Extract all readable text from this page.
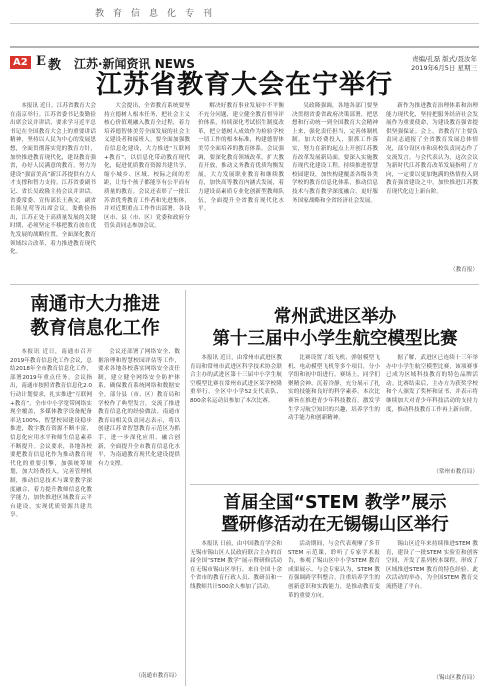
教育信息化专刊
A2 E 教 江苏·新闻资讯 NEWS	责编/孔磊 版式/聂汝年
2019年6月5日 星期三
江苏省教育大会在宁举行

本报讯 近日，江苏省教育大会在南京举行。江苏省委书记娄勤俭出席会议并讲话，要求学习近平总书记在全国教育大会上的重要讲话精神，坚持以人民为中心的发展思想，全面贯彻落实党的教育方针，加快推进教育现代化，建设教育强省，办好人民满意的教育，努力为建设“强富美高”新江苏提供有力人才支撑和智力支持。江苏省委副书记、省长吴政隆主持会议并讲话。省委常委、宣传部长王燕文，副省长陈星莺等出席会议。娄勤俭指出，江苏正处于高质量发展的关键时期，必须坚定不移把教育放在优先发展的战略位置，全面深化教育领域综合改革，着力推进教育现代化。

大会提出，全省教育系统要坚持立德树人根本任务，把社会主义核心价值观融入教育全过程，着力培养德智体美劳全面发展的社会主义建设者和接班人。要全面加强教育信息化建设，大力推进“互联网+教育”，以信息化带动教育现代化，促进优质教育资源共建共享，缩小城乡、区域、校际之间的差距，让每个孩子都能享有公平而有质量的教育。会议还表彰了一批江苏省优秀教育工作者和先进集体，并对近期重点工作作出部署。各设区市、县（市、区）党委和政府分管负责同志参加会议。

解决好教育事业发展中不平衡不充分问题，建立健全教育督导评价体系，持续深化考试招生制度改革，把立德树人成效作为检验学校一切工作的根本标准，构建德智体美劳全面培养的教育体系。会议强调，要深化教育领域改革，扩大教育开放，推动义务教育优质均衡发展，大力发展职业教育和继续教育，加快高等教育内涵式发展，着力建设高素质专业化创新型教师队伍，全面提升全省教育现代化水平。

吴政隆强调，各地各部门要坚决贯彻省委省政府决策部署，把思想和行动统一到全国教育大会精神上来，强化责任担当，完善体制机制，加大经费投入，狠抓工作落实，努力在新的起点上开创江苏教育改革发展新局面。要深入实施教育现代化建设工程，持续推进智慧校园建设，加快构建覆盖各级各类学校的教育信息化体系，推动信息技术与教育教学深度融合，更好服务国家战略和全省经济社会发展。

新作为推进教育治理体系和治理能力现代化，坚持把服务经济社会发展作为重要使命，为建设教育强省提供坚强保证。会上，省教育厅主要负责同志通报了全省教育发展总体情况，部分设区市和高校负责同志作了交流发言。与会代表认为，这次会议为新时代江苏教育改革发展指明了方向，一定要以更加饱满的热情投入到教育强省建设之中，加快推进江苏教育现代化迈上新台阶。

（教育报）
南通市大力推进
教育信息化工作

本报讯 近日，南通市召开2019年教育信息化工作会议，总结2018年全市教育信息化工作，部署2019年重点任务。会议指出，南通市按照省教育信息化2.0行动计划要求，扎实推进“互联网+教育”，全市中小学宽带网络实现全覆盖，多媒体教学设备配备率达100%，智慧校园建设稳步推进，数字教育资源不断丰富，信息化应用水平和师生信息素养不断提升。会议要求，各地各校要把教育信息化作为推动教育现代化的重要引擎，加强统筹规划，加大经费投入，完善管理机制，推动信息技术与课堂教学深度融合，着力提升教师信息化教学能力，加快推进区域教育云平台建设，实现优质资源共建共享。

会议还部署了网络安全、数据治理和智慧校园评估等工作，要求各地各校落实网络安全责任制，建立健全网络安全防护体系，确保教育系统网络和数据安全。部分县（市、区）教育局和学校作了典型发言，交流了推进教育信息化的经验做法。南通市教育局相关负责同志表示，将以创建江苏省智慧教育示范区为抓手，进一步深化应用、融合创新，全面提升全市教育信息化水平，为南通教育现代化建设提供有力支撑。

（南通市教育局）
常州武进区举办
第十三届中小学生航空模型比赛

本报讯 近日，由常州市武进区教育局和常州市武进区科学技术协会联合主办的武进区第十三届中小学生航空模型比赛在常州市武进区某学校隆重举行。全区中小学52支代表队、800余名运动员参加了本次比赛。

比赛设置了纸飞机、弹射模型飞机、电动模型飞机等多个项目，分小学组和初中组进行。赛场上，同学们聚精会神、沉着冷静，充分展示了扎实的技能和良好的科学素养。本次比赛旨在推进青少年科技教育，激发学生学习航空知识的兴趣，培养学生的动手能力和创新精神。

据了解，武进区已连续十三年举办中小学生航空模型比赛，该项赛事已成为区域科技教育的特色品牌活动。比赛结束后，主办方为获奖学校和个人颁发了奖杯和证书，并表示将继续加大对青少年科技活动的支持力度，推动科技教育工作再上新台阶。

（常州市教育局）
首届全国“STEM 教学”展示
暨研修活动在无锡锡山区举行

本报讯 日前，由中国教育学会和无锡市锡山区人民政府联合主办的首届全国“STEM 教学”展示暨研修活动在无锡市锡山区举行。来自全国十余个省市的教育行政人员、教研员和一线教师共计500余人参加了活动。

活动期间，与会代表观摩了多节STEM 示范课，聆听了专家学术报告，参观了锡山区中小学STEM 教育成果展示。与会专家认为，STEM 教育强调跨学科整合，注重培养学生的创新意识和实践能力，是推动教育变革的重要方向。

锡山区近年来持续推进STEM 教育，建设了一批STEM 实验室和创客空间，开发了系列校本课程，形成了区域推进STEM 教育的特色经验。此次活动的举办，为全国STEM 教育交流搭建了平台。

（锡山区教育局）
